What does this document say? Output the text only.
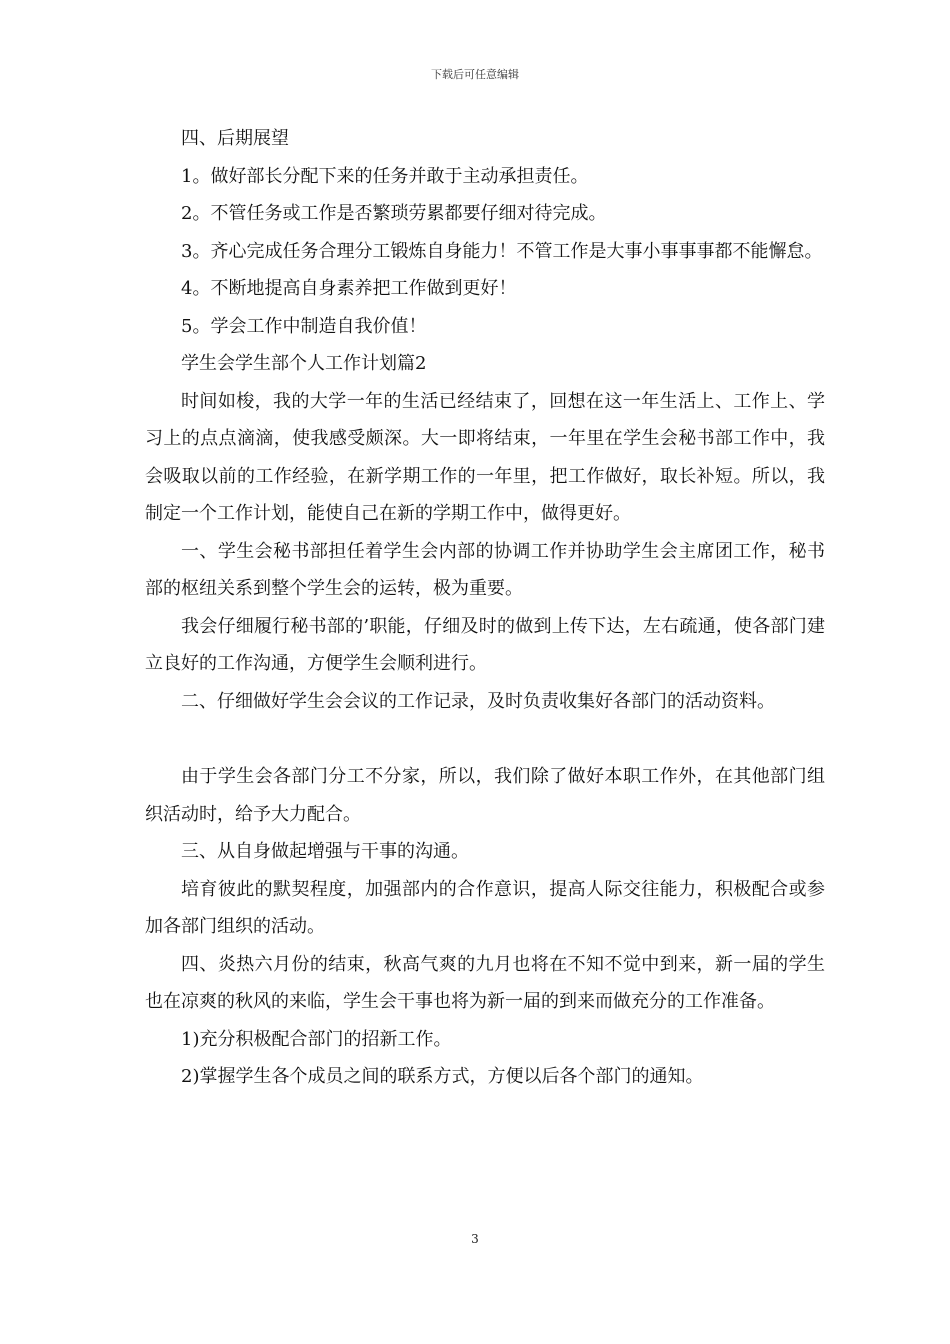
下载后可任意编辑

四、后期展望

1。做好部长分配下来的任务并敢于主动承担责任。

2。不管任务或工作是否繁琐劳累都要仔细对待完成。

3。齐心完成任务合理分工锻炼自身能力！不管工作是大事小事事事都不能懈怠。

4。不断地提高自身素养把工作做到更好！

5。学会工作中制造自我价值！

学生会学生部个人工作计划篇2

时间如梭，我的大学一年的生活已经结束了，回想在这一年生活上、工作上、学习上的点点滴滴，使我感受颇深。大一即将结束，一年里在学生会秘书部工作中，我会吸取以前的工作经验，在新学期工作的一年里，把工作做好，取长补短。所以，我制定一个工作计划，能使自己在新的学期工作中，做得更好。

一、学生会秘书部担任着学生会内部的协调工作并协助学生会主席团工作，秘书部的枢纽关系到整个学生会的运转，极为重要。

我会仔细履行秘书部的’职能，仔细及时的做到上传下达，左右疏通，使各部门建立良好的工作沟通，方便学生会顺利进行。

二、仔细做好学生会会议的工作记录，及时负责收集好各部门的活动资料。

由于学生会各部门分工不分家，所以，我们除了做好本职工作外，在其他部门组织活动时，给予大力配合。

三、从自身做起增强与干事的沟通。

培育彼此的默契程度，加强部内的合作意识，提高人际交往能力，积极配合或参加各部门组织的活动。

四、炎热六月份的结束，秋高气爽的九月也将在不知不觉中到来，新一届的学生也在凉爽的秋风的来临，学生会干事也将为新一届的到来而做充分的工作准备。

1)充分积极配合部门的招新工作。

2)掌握学生各个成员之间的联系方式，方便以后各个部门的通知。

3
